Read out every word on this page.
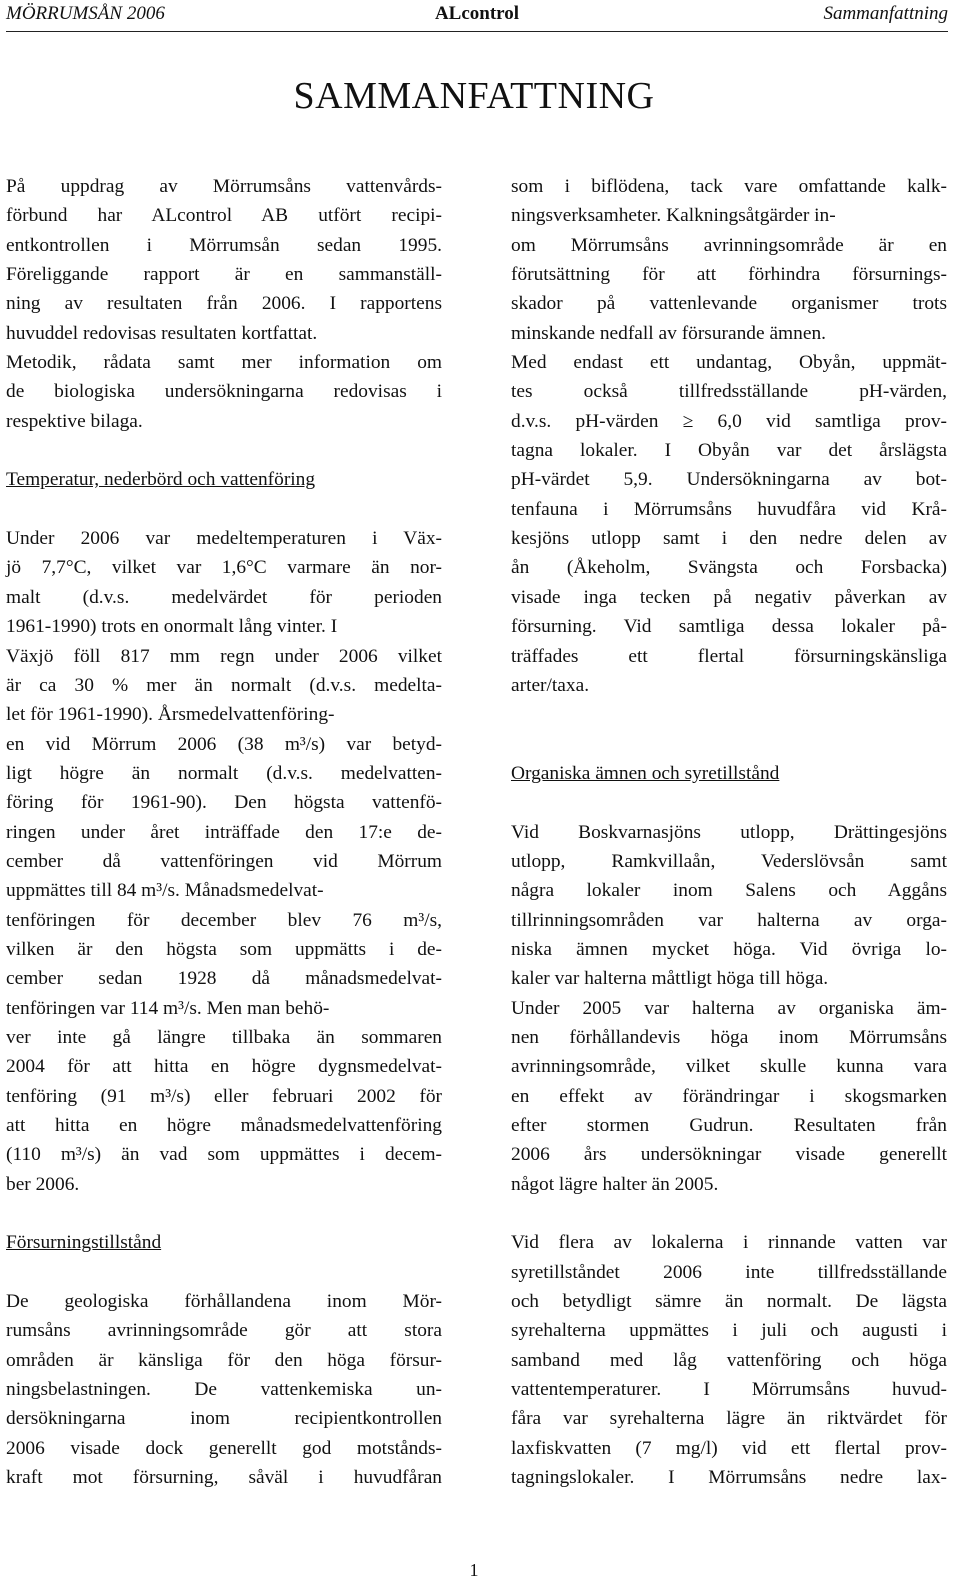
MÖRRUMSÅN 2006	ALcontrol	Sammanfattning
SAMMANFATTNING
På uppdrag av Mörrumsåns vattenvårds-
förbund har ALcontrol AB utfört recipi-
entkontrollen i Mörrumsån sedan 1995.
Föreliggande rapport är en sammanställ-
ning av resultaten från 2006. I rapportens
huvuddel redovisas resultaten kortfattat.
Metodik, rådata samt mer information om
de biologiska undersökningarna redovisas i
respektive bilaga.
Temperatur, nederbörd och vattenföring
Under 2006 var medeltemperaturen i Väx-
jö 7,7°C, vilket var 1,6°C varmare än nor-
malt (d.v.s. medelvärdet för perioden
1961-1990) trots en onormalt lång vinter. I
Växjö föll 817 mm regn under 2006 vilket
är ca 30 % mer än normalt (d.v.s. medelta-
let för 1961-1990). Årsmedelvattenföring-
en vid Mörrum 2006 (38 m³/s) var betyd-
ligt högre än normalt (d.v.s. medelvatten-
föring för 1961-90). Den högsta vattenfö-
ringen under året inträffade den 17:e de-
cember då vattenföringen vid Mörrum
uppmättes till 84 m³/s. Månadsmedelvat-
tenföringen för december blev 76 m³/s,
vilken är den högsta som uppmätts i de-
cember sedan 1928 då månadsmedelvat-
tenföringen var 114 m³/s. Men man behö-
ver inte gå längre tillbaka än sommaren
2004 för att hitta en högre dygnsmedelvat-
tenföring (91 m³/s) eller februari 2002 för
att hitta en högre månadsmedelvattenföring
(110 m³/s) än vad som uppmättes i decem-
ber 2006.
Försurningstillstånd
De geologiska förhållandena inom Mör-
rumsåns avrinningsområde gör att stora
områden är känsliga för den höga försur-
ningsbelastningen. De vattenkemiska un-
dersökningarna inom recipientkontrollen
2006 visade dock generellt god motstånds-
kraft mot försurning, såväl i huvudfåran
som i biflödena, tack vare omfattande kalk-
ningsverksamheter. Kalkningsåtgärder in-
om Mörrumsåns avrinningsområde är en
förutsättning för att förhindra försurnings-
skador på vattenlevande organismer trots
minskande nedfall av försurande ämnen.
Med endast ett undantag, Obyån, uppmät-
tes också tillfredsställande pH-värden,
d.v.s. pH-värden ≥ 6,0 vid samtliga prov-
tagna lokaler. I Obyån var det årslägsta
pH-värdet 5,9. Undersökningarna av bot-
tenfauna i Mörrumsåns huvudfåra vid Krå-
kesjöns utlopp samt i den nedre delen av
ån (Åkeholm, Svängsta och Forsbacka)
visade inga tecken på negativ påverkan av
försurning. Vid samtliga dessa lokaler på-
träffades ett flertal försurningskänsliga
arter/taxa.
Organiska ämnen och syretillstånd
Vid Boskvarnasjöns utlopp, Drättingesjöns
utlopp, Ramkvillaån, Vederslövsån samt
några lokaler inom Salens och Aggåns
tillrinningsområden var halterna av orga-
niska ämnen mycket höga. Vid övriga lo-
kaler var halterna måttligt höga till höga.
Under 2005 var halterna av organiska äm-
nen förhållandevis höga inom Mörrumsåns
avrinningsområde, vilket skulle kunna vara
en effekt av förändringar i skogsmarken
efter stormen Gudrun. Resultaten från
2006 års undersökningar visade generellt
något lägre halter än 2005.
Vid flera av lokalerna i rinnande vatten var
syretillståndet 2006 inte tillfredsställande
och betydligt sämre än normalt. De lägsta
syrehalterna uppmättes i juli och augusti i
samband med låg vattenföring och höga
vattentemperaturer. I Mörrumsåns huvud-
fåra var syrehalterna lägre än riktvärdet för
laxfiskvatten (7 mg/l) vid ett flertal prov-
tagningslokaler. I Mörrumsåns nedre lax-
1
